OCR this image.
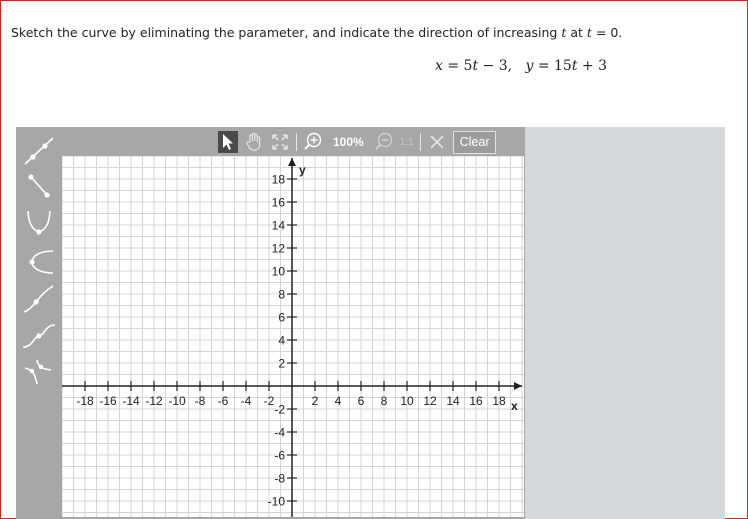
Sketch the curve by eliminating the parameter, and indicate the direction of increasing t at t = 0.
x = 5t − 3, y = 15t + 3
100%	1:1	Clear
-18 -16 -14 -12 -10 -8 -6 -4 -2	2 4 6 8 10 12 14 16 18
18
16
14
12
10
8
6
4
2
-2
-4
-6
-8
-10
x
y
